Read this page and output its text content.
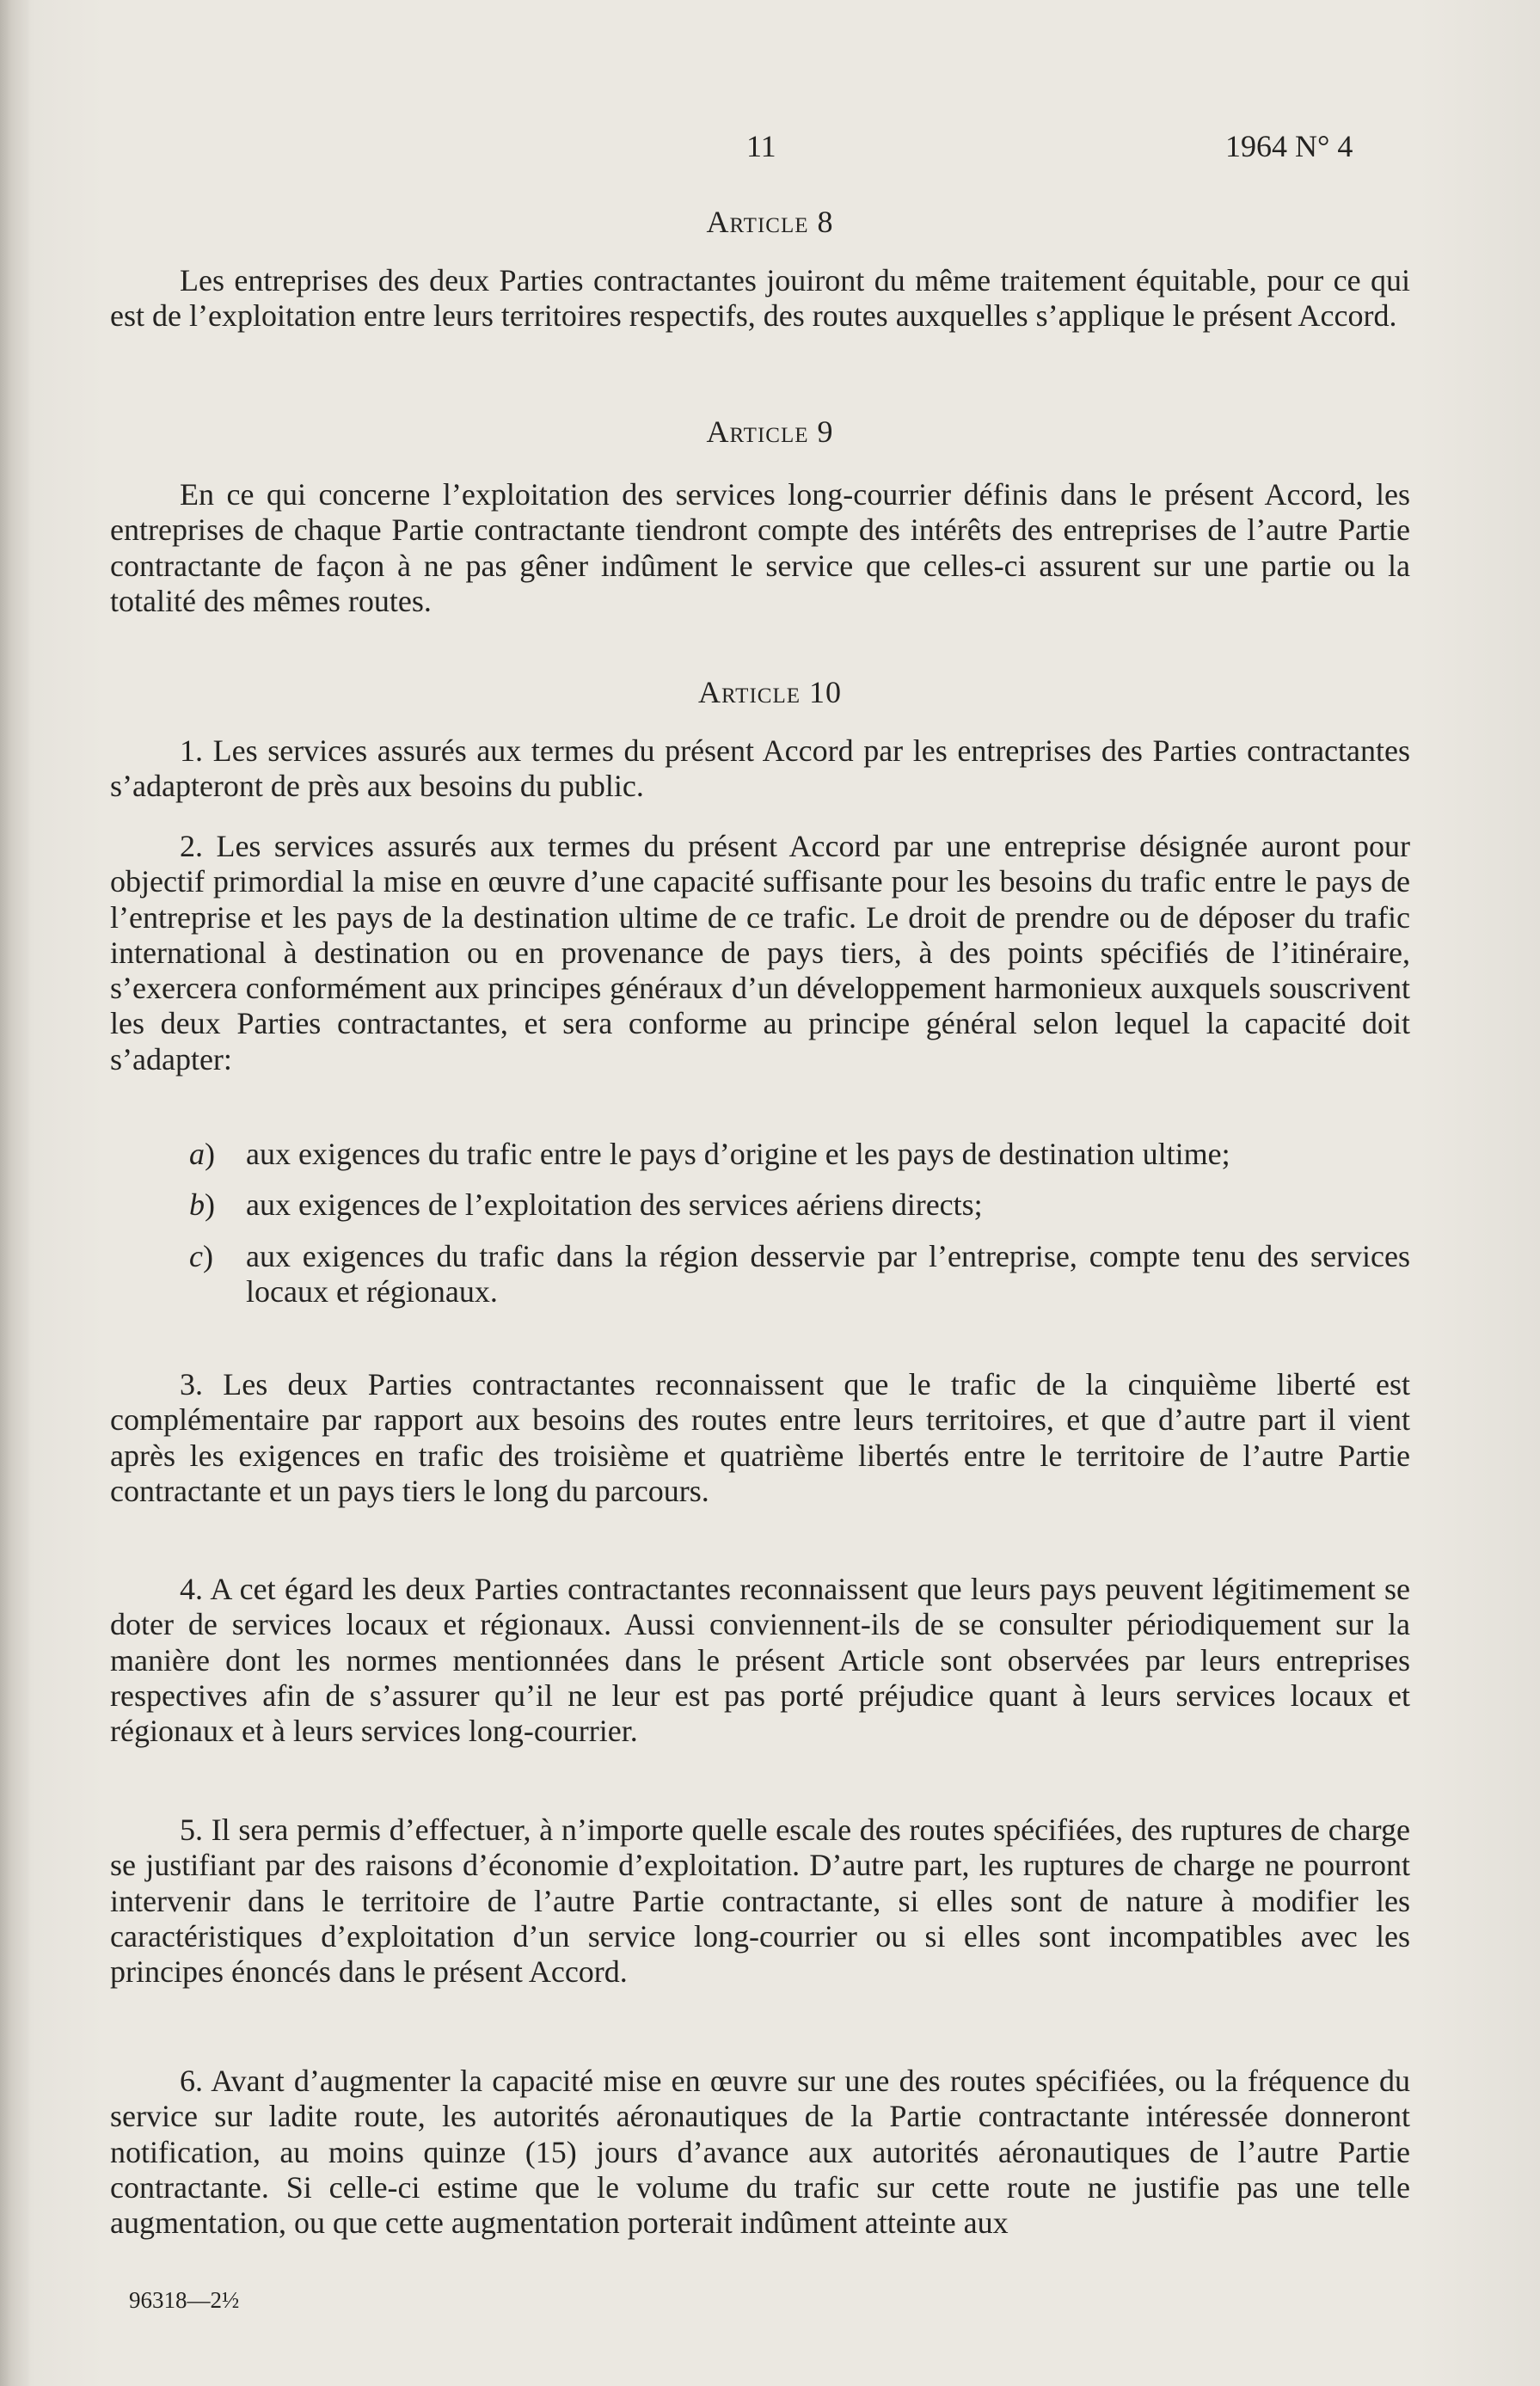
11	1964 N° 4
Article 8

Les entreprises des deux Parties contractantes jouiront du même traitement équitable, pour ce qui est de l’exploitation entre leurs territoires respectifs, des routes auxquelles s’applique le présent Accord.

Article 9

En ce qui concerne l’exploitation des services long-courrier définis dans le présent Accord, les entreprises de chaque Partie contractante tiendront compte des intérêts des entreprises de l’autre Partie contractante de façon à ne pas gêner indûment le service que celles-ci assurent sur une partie ou la totalité des mêmes routes.

Article 10

1. Les services assurés aux termes du présent Accord par les entreprises des Parties contractantes s’adapteront de près aux besoins du public.

2. Les services assurés aux termes du présent Accord par une entreprise désignée auront pour objectif primordial la mise en œuvre d’une capacité suffisante pour les besoins du trafic entre le pays de l’entreprise et les pays de la destination ultime de ce trafic. Le droit de prendre ou de déposer du trafic international à destination ou en provenance de pays tiers, à des points spécifiés de l’itinéraire, s’exercera conformément aux principes généraux d’un développement harmonieux auxquels souscrivent les deux Parties contractantes, et sera conforme au principe général selon lequel la capacité doit s’adapter:

a) aux exigences du trafic entre le pays d’origine et les pays de destination ultime;
b) aux exigences de l’exploitation des services aériens directs;
c) aux exigences du trafic dans la région desservie par l’entreprise, compte tenu des services locaux et régionaux.

3. Les deux Parties contractantes reconnaissent que le trafic de la cinquième liberté est complémentaire par rapport aux besoins des routes entre leurs territoires, et que d’autre part il vient après les exigences en trafic des troisième et quatrième libertés entre le territoire de l’autre Partie contractante et un pays tiers le long du parcours.

4. A cet égard les deux Parties contractantes reconnaissent que leurs pays peuvent légitimement se doter de services locaux et régionaux. Aussi conviennent-ils de se consulter périodiquement sur la manière dont les normes mentionnées dans le présent Article sont observées par leurs entreprises respectives afin de s’assurer qu’il ne leur est pas porté préjudice quant à leurs services locaux et régionaux et à leurs services long-courrier.

5. Il sera permis d’effectuer, à n’importe quelle escale des routes spécifiées, des ruptures de charge se justifiant par des raisons d’économie d’exploitation. D’autre part, les ruptures de charge ne pourront intervenir dans le territoire de l’autre Partie contractante, si elles sont de nature à modifier les caractéristiques d’exploitation d’un service long-courrier ou si elles sont incompatibles avec les principes énoncés dans le présent Accord.

6. Avant d’augmenter la capacité mise en œuvre sur une des routes spécifiées, ou la fréquence du service sur ladite route, les autorités aéronautiques de la Partie contractante intéressée donneront notification, au moins quinze (15) jours d’avance aux autorités aéronautiques de l’autre Partie contractante. Si celle-ci estime que le volume du trafic sur cette route ne justifie pas une telle augmentation, ou que cette augmentation porterait indûment atteinte aux

96318—2½
